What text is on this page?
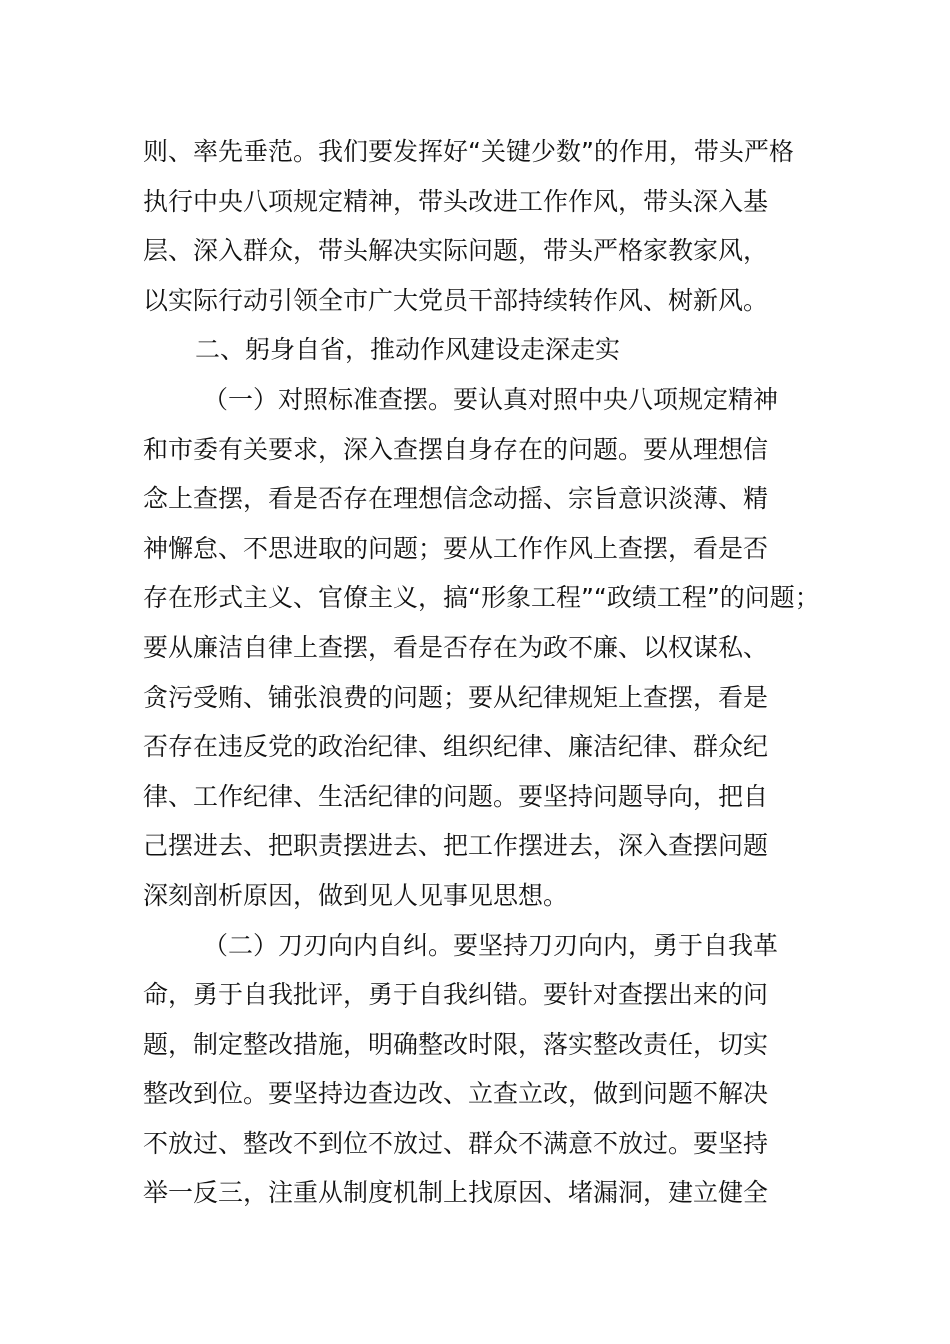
则、率先垂范。我们要发挥好“关键少数”的作用，带头严格
执行中央八项规定精神，带头改进工作作风，带头深入基
层、深入群众，带头解决实际问题，带头严格家教家风，
以实际行动引领全市广大党员干部持续转作风、树新风。
二、躬身自省，推动作风建设走深走实
（一）对照标准查摆。要认真对照中央八项规定精神
和市委有关要求，深入查摆自身存在的问题。要从理想信
念上查摆，看是否存在理想信念动摇、宗旨意识淡薄、精
神懈怠、不思进取的问题；要从工作作风上查摆，看是否
存在形式主义、官僚主义，搞“形象工程”“政绩工程”的问题；
要从廉洁自律上查摆，看是否存在为政不廉、以权谋私、
贪污受贿、铺张浪费的问题；要从纪律规矩上查摆，看是
否存在违反党的政治纪律、组织纪律、廉洁纪律、群众纪
律、工作纪律、生活纪律的问题。要坚持问题导向，把自
己摆进去、把职责摆进去、把工作摆进去，深入查摆问题
深刻剖析原因，做到见人见事见思想。
（二）刀刃向内自纠。要坚持刀刃向内，勇于自我革
命，勇于自我批评，勇于自我纠错。要针对查摆出来的问
题，制定整改措施，明确整改时限，落实整改责任，切实
整改到位。要坚持边查边改、立查立改，做到问题不解决
不放过、整改不到位不放过、群众不满意不放过。要坚持
举一反三，注重从制度机制上找原因、堵漏洞，建立健全
